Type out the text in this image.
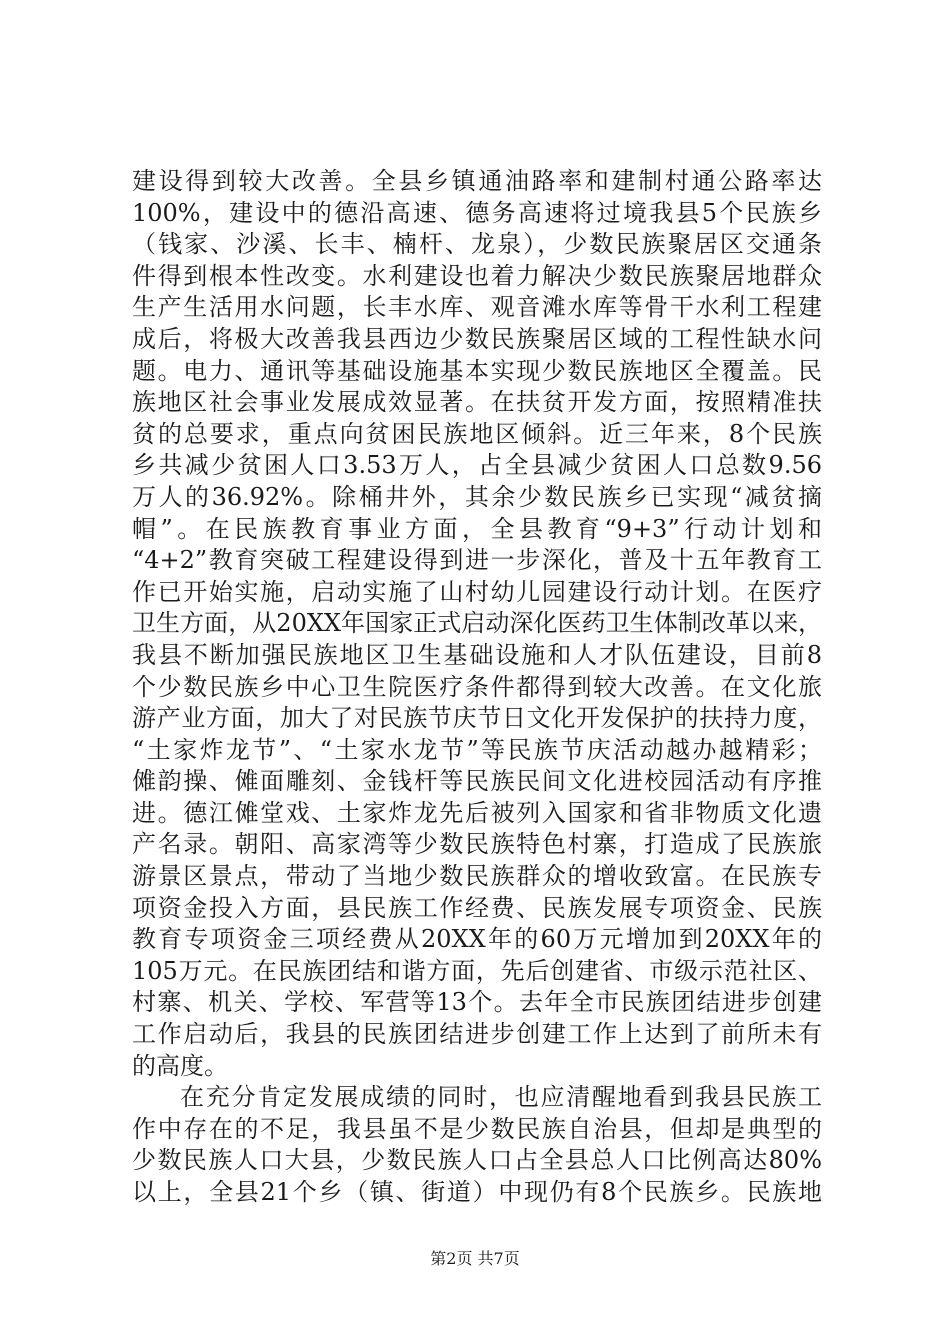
建设得到较大改善。全县乡镇通油路率和建制村通公路率达
100%，建设中的德沿高速、德务高速将过境我县5个民族乡
（钱家、沙溪、长丰、楠杆、龙泉），少数民族聚居区交通条
件得到根本性改变。水利建设也着力解决少数民族聚居地群众
生产生活用水问题，长丰水库、观音滩水库等骨干水利工程建
成后，将极大改善我县西边少数民族聚居区域的工程性缺水问
题。电力、通讯等基础设施基本实现少数民族地区全覆盖。民
族地区社会事业发展成效显著。在扶贫开发方面，按照精准扶
贫的总要求，重点向贫困民族地区倾斜。近三年来，8个民族
乡共减少贫困人口3.53万人，占全县减少贫困人口总数9.56
万人的36.92%。除桶井外，其余少数民族乡已实现“减贫摘
帽”。在民族教育事业方面，全县教育“9+3”行动计划和
“4+2”教育突破工程建设得到进一步深化，普及十五年教育工
作已开始实施，启动实施了山村幼儿园建设行动计划。在医疗
卫生方面，从20XX年国家正式启动深化医药卫生体制改革以来，
我县不断加强民族地区卫生基础设施和人才队伍建设，目前8
个少数民族乡中心卫生院医疗条件都得到较大改善。在文化旅
游产业方面，加大了对民族节庆节日文化开发保护的扶持力度，
“土家炸龙节”、“土家水龙节”等民族节庆活动越办越精彩；
傩韵操、傩面雕刻、金钱杆等民族民间文化进校园活动有序推
进。德江傩堂戏、土家炸龙先后被列入国家和省非物质文化遗
产名录。朝阳、高家湾等少数民族特色村寨，打造成了民族旅
游景区景点，带动了当地少数民族群众的增收致富。在民族专
项资金投入方面，县民族工作经费、民族发展专项资金、民族
教育专项资金三项经费从20XX年的60万元增加到20XX年的
105万元。在民族团结和谐方面，先后创建省、市级示范社区、
村寨、机关、学校、军营等13个。去年全市民族团结进步创建
工作启动后，我县的民族团结进步创建工作上达到了前所未有
的高度。
在充分肯定发展成绩的同时，也应清醒地看到我县民族工
作中存在的不足，我县虽不是少数民族自治县，但却是典型的
少数民族人口大县，少数民族人口占全县总人口比例高达80%
以上，全县21个乡（镇、街道）中现仍有8个民族乡。民族地
第2页 共7页
